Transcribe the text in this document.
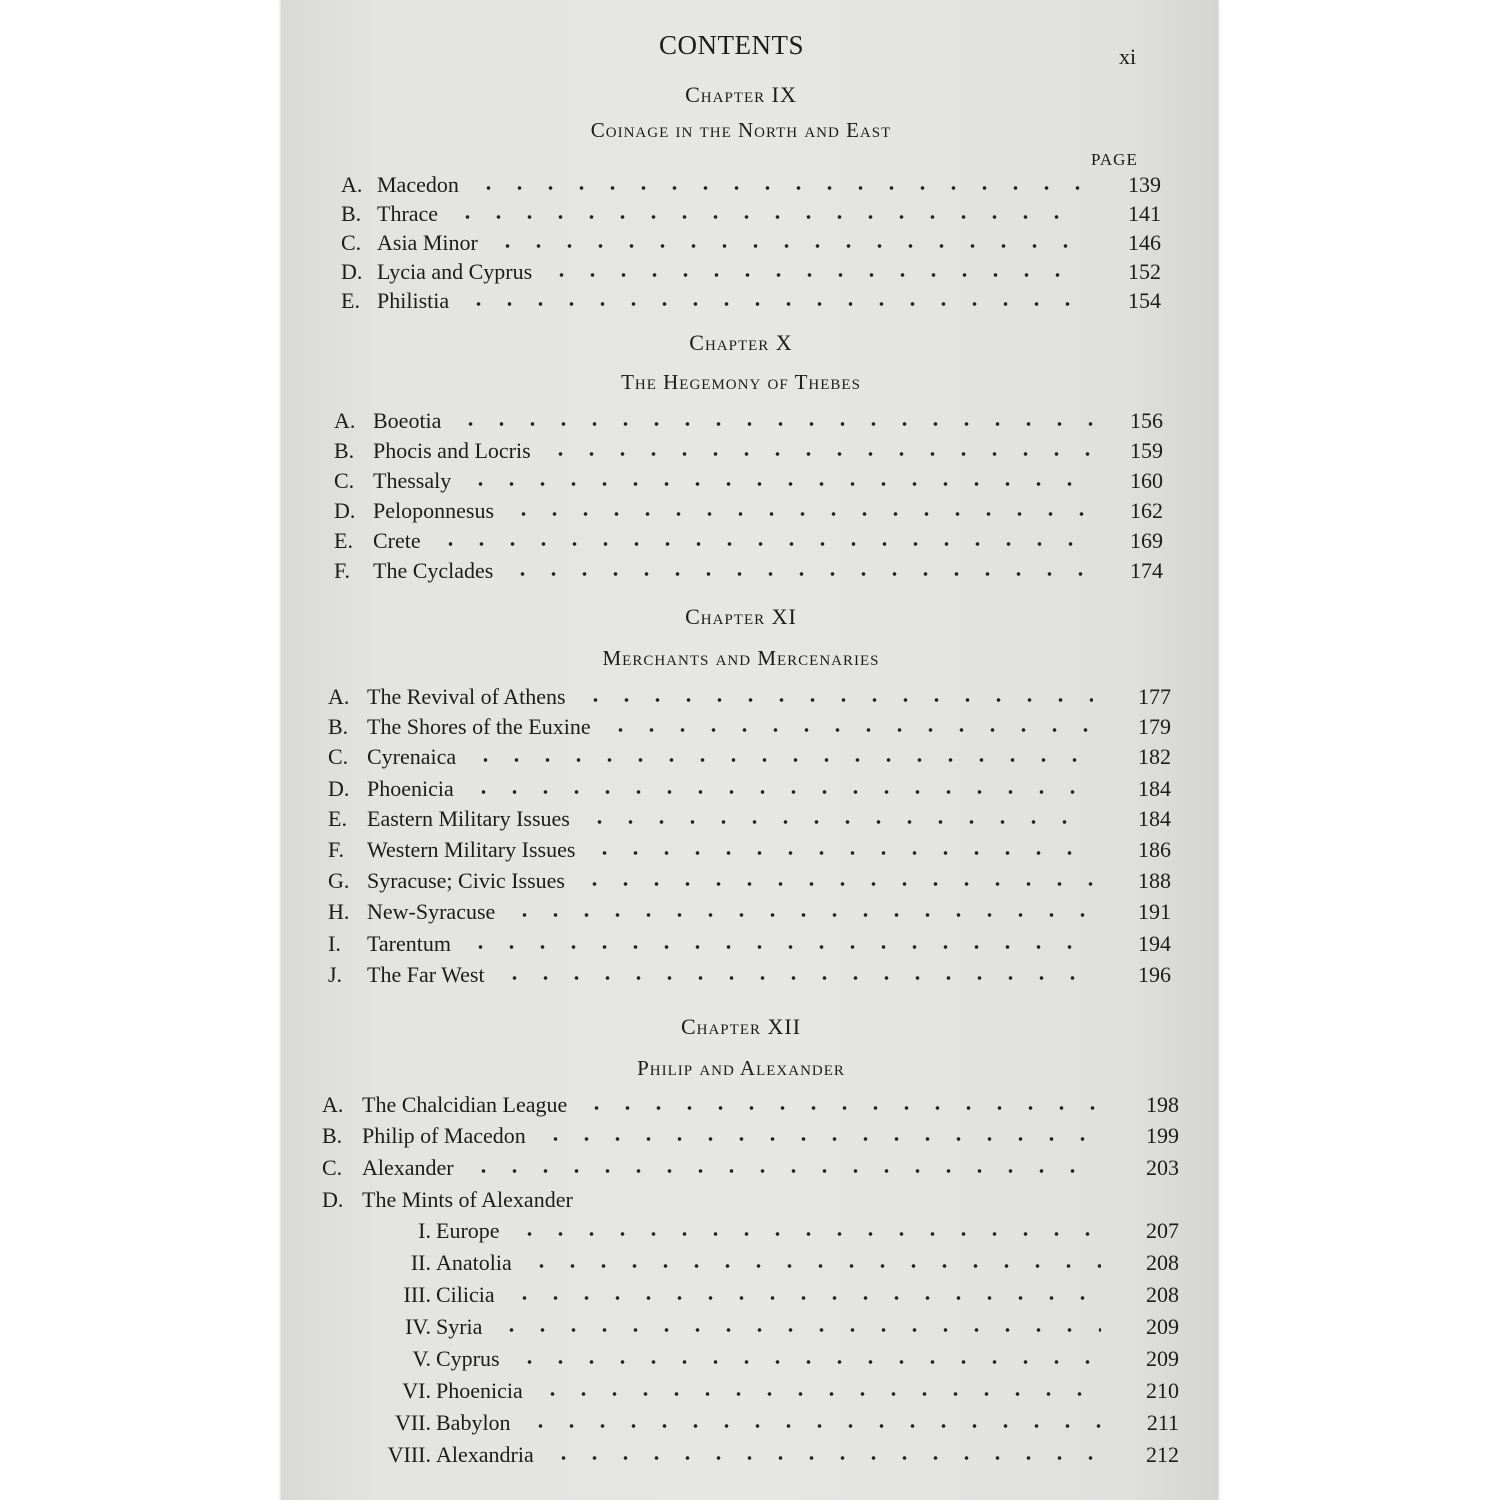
CONTENTS	xi
Chapter IX
Coinage in the North and East
PAGE
A. Macedon	139
B. Thrace	141
C. Asia Minor	146
D. Lycia and Cyprus	152
E. Philistia	154
Chapter X
The Hegemony of Thebes
A. Boeotia	156
B. Phocis and Locris	159
C. Thessaly	160
D. Peloponnesus	162
E. Crete	169
F. The Cyclades	174
Chapter XI
Merchants and Mercenaries
A. The Revival of Athens	177
B. The Shores of the Euxine	179
C. Cyrenaica	182
D. Phoenicia	184
E. Eastern Military Issues	184
F. Western Military Issues	186
G. Syracuse; Civic Issues	188
H. New-Syracuse	191
I. Tarentum	194
J. The Far West	196
Chapter XII
Philip and Alexander
A. The Chalcidian League	198
B. Philip of Macedon	199
C. Alexander	203
D. The Mints of Alexander
I. Europe	207
II. Anatolia	208
III. Cilicia	208
IV. Syria	209
V. Cyprus	209
VI. Phoenicia	210
VII. Babylon	211
VIII. Alexandria	212
